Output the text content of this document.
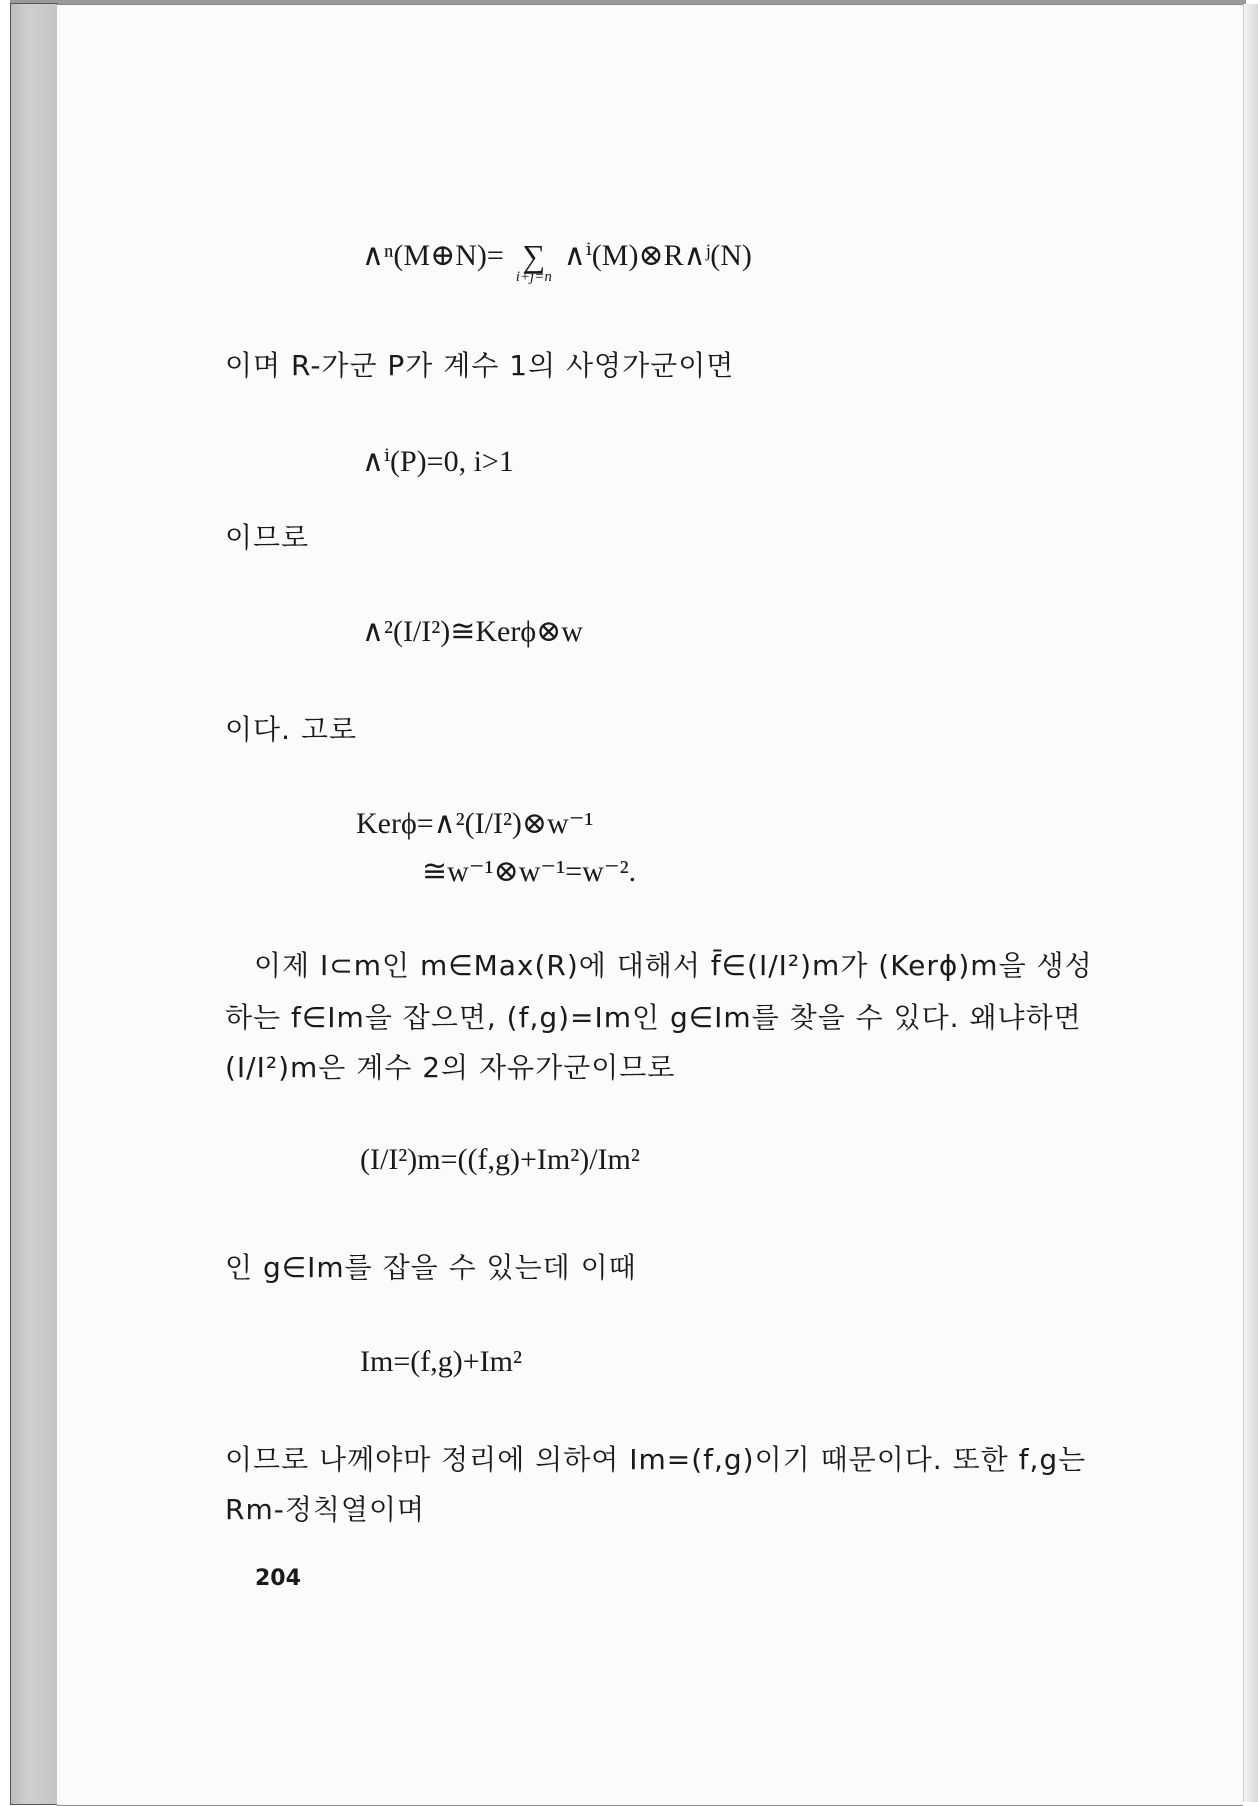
∧ⁿ(M⊕N)= ∑
i+j=n
∧ⁱ(M)⊗R∧ʲ(N)
이며 R-가군 P가 계수 1의 사영가군이면
∧ⁱ(P)=0, i>1
이므로
∧²(I/I²)≅Kerϕ⊗w
이다. 고로
Kerϕ=∧²(I/I²)⊗w⁻¹
≅w⁻¹⊗w⁻¹=w⁻².
이제 I⊂m인 m∈Max(R)에 대해서 f̄∈(I/I²)m가 (Kerϕ)m을 생성
하는 f∈Im을 잡으면, (f,g)=Im인 g∈Im를 찾을 수 있다. 왜냐하면
(I/I²)m은 계수 2의 자유가군이므로
(I/I²)m=((f,g)+Im²)/Im²
인 g∈Im를 잡을 수 있는데 이때
Im=(f,g)+Im²
이므로 나께야마 정리에 의하여 Im=(f,g)이기 때문이다. 또한 f,g는
Rm-정칙열이며
204
